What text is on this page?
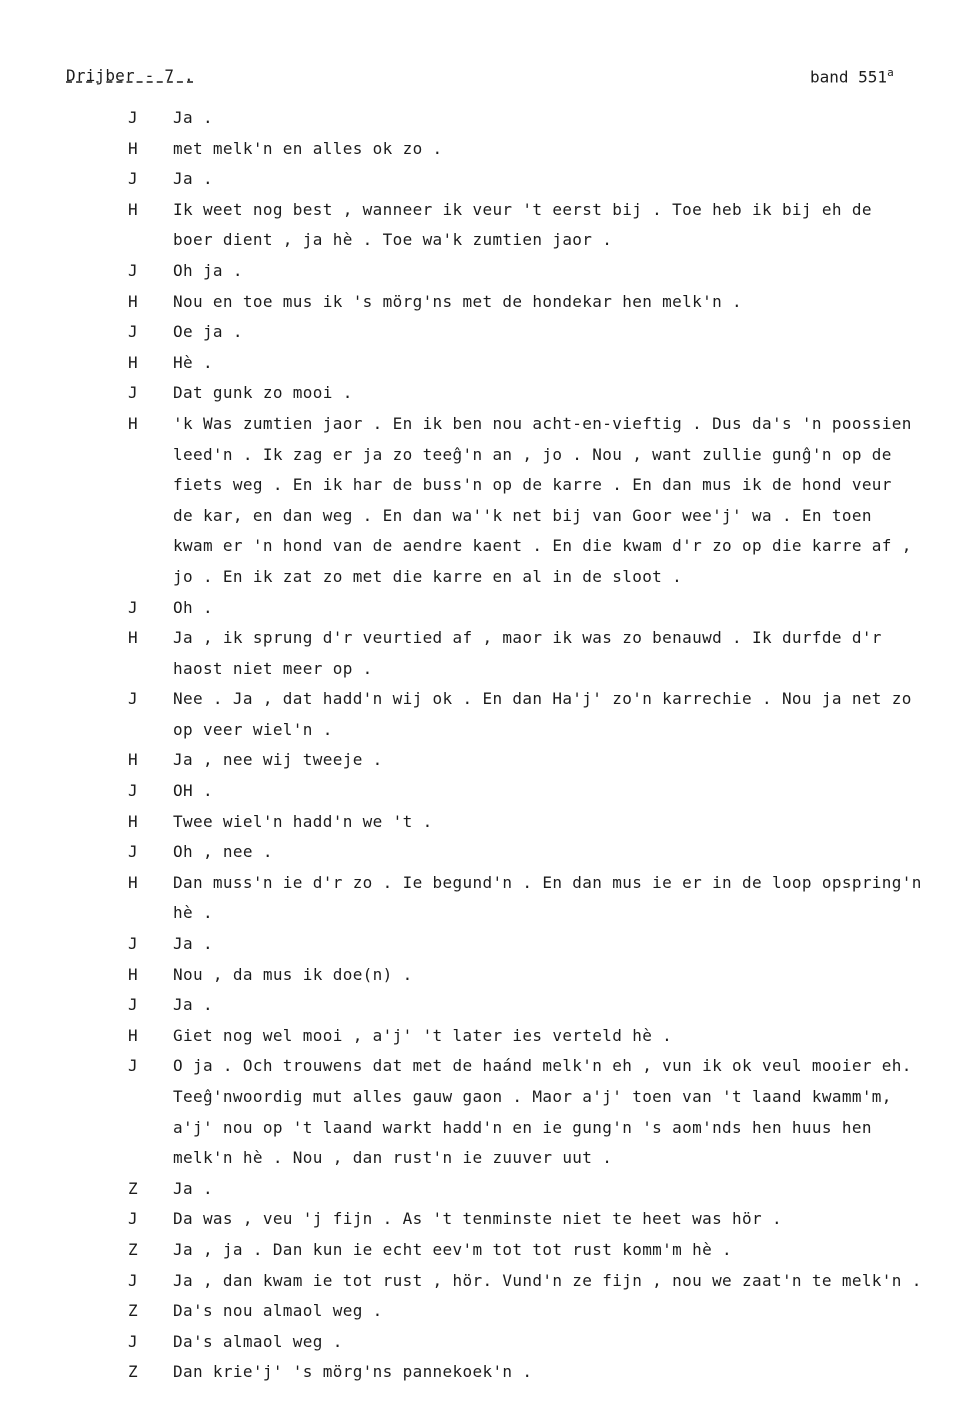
Drijber - 7 .	band 551$^a$
J Ja .
H met melk'n en alles ok zo .
J Ja .
H Ik weet nog best , wanneer ik veur 't eerst bij . Toe heb ik bij eh de
boer dient , ja hè . Toe wa'k zumtien jaor .
J Oh ja .
H Nou en toe mus ik 's mörg'ns met de hondekar hen melk'n .
J Oe ja .
H Hè .
J Dat gunk zo mooi .
H 'k Was zumtien jaor . En ik ben nou acht-en-vieftig . Dus da's 'n poossien
leed'n . Ik zag er ja zo teeĝ'n an , jo . Nou , want zullie gunĝ'n op de
fiets weg . En ik har de buss'n op de karre . En dan mus ik de hond veur
de kar, en dan weg . En dan wa''k net bij van Goor wee'j' wa . En toen
kwam er 'n hond van de aendre kaent . En die kwam d'r zo op die karre af ,
jo . En ik zat zo met die karre en al in de sloot .
J Oh .
H Ja , ik sprung d'r veurtied af , maor ik was zo benauwd . Ik durfde d'r
haost niet meer op .
J Nee . Ja , dat hadd'n wij ok . En dan Ha'j' zo'n karrechie . Nou ja net zo
op veer wiel'n .
H Ja , nee wij tweeje .
J OH .
H Twee wiel'n hadd'n we 't .
J Oh , nee .
H Dan muss'n ie d'r zo . Ie begund'n . En dan mus ie er in de loop opspring'n
hè .
J Ja .
H Nou , da mus ik doe(n) .
J Ja .
H Giet nog wel mooi , a'j' 't later ies verteld hè .
J O ja . Och trouwens dat met de haánd melk'n eh , vun ik ok veul mooier eh.
Teeĝ'nwoordig mut alles gauw gaon . Maor a'j' toen van 't laand kwamm'm,
a'j' nou op 't laand warkt hadd'n en ie gung'n 's aom'nds hen huus hen
melk'n hè . Nou , dan rust'n ie zuuver uut .
Z Ja .
J Da was , veu 'j fijn . As 't tenminste niet te heet was hör .
Z Ja , ja . Dan kun ie echt eev'm tot tot rust komm'm hè .
J Ja , dan kwam ie tot rust , hör. Vund'n ze fijn , nou we zaat'n te melk'n .
Z Da's nou almaol weg .
J Da's almaol weg .
Z Dan krie'j' 's mörg'ns pannekoek'n .
